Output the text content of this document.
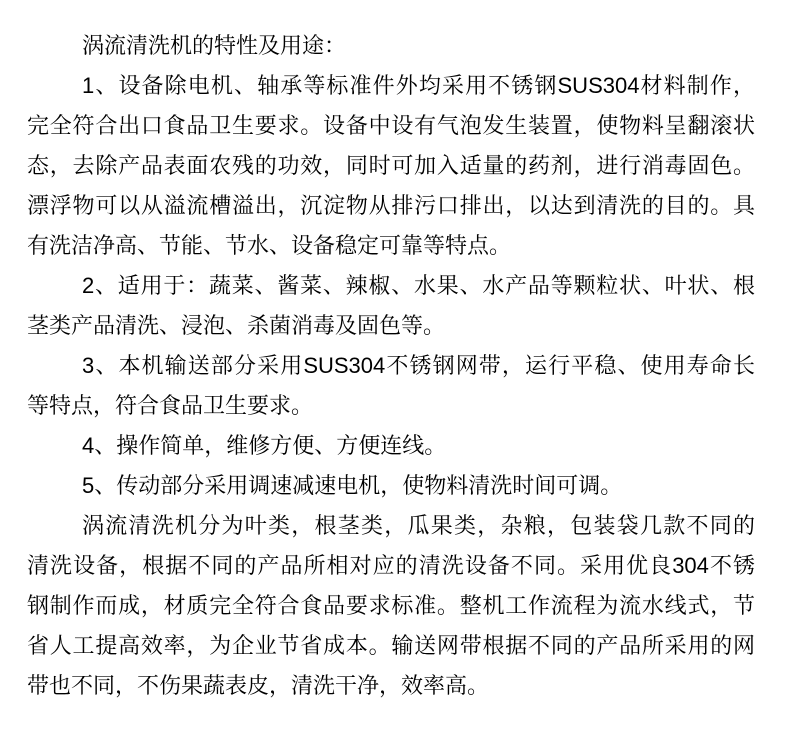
涡流清洗机的特性及用途：
1、设备除电机、轴承等标准件外均采用不锈钢SUS304材料制作，
完全符合出口食品卫生要求。设备中设有气泡发生装置，使物料呈翻滚状
态，去除产品表面农残的功效，同时可加入适量的药剂，进行消毒固色。
漂浮物可以从溢流槽溢出，沉淀物从排污口排出，以达到清洗的目的。具
有洗洁净高、节能、节水、设备稳定可靠等特点。
2、适用于：蔬菜、酱菜、辣椒、水果、水产品等颗粒状、叶状、根
茎类产品清洗、浸泡、杀菌消毒及固色等。
3、本机输送部分采用SUS304不锈钢网带，运行平稳、使用寿命长
等特点，符合食品卫生要求。
4、操作简单，维修方便、方便连线。
5、传动部分采用调速减速电机，使物料清洗时间可调。
涡流清洗机分为叶类，根茎类，瓜果类，杂粮，包装袋几款不同的
清洗设备，根据不同的产品所相对应的清洗设备不同。采用优良304不锈
钢制作而成，材质完全符合食品要求标准。整机工作流程为流水线式，节
省人工提高效率，为企业节省成本。输送网带根据不同的产品所采用的网
带也不同，不伤果蔬表皮，清洗干净，效率高。
